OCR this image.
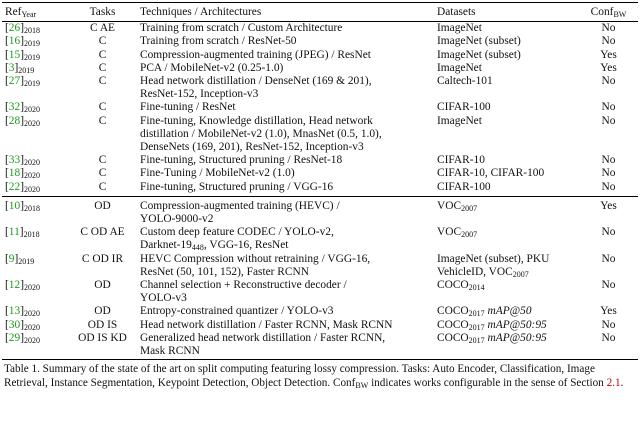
Ref$_{Year}$	Tasks	Techniques / Architectures	Datasets	Conf$_{BW}$
$[26]_{2018}$	C AE	Training from scratch / Custom Architecture	ImageNet	No
$[16]_{2019}$	C	Training from scratch / ResNet-50	ImageNet (subset)	No
$[15]_{2019}$	C	Compression-augmented training (JPEG) / ResNet	ImageNet (subset)	Yes
$[3]_{2019}$	C	PCA / MobileNet-v2 (0.25-1.0)	ImageNet	Yes
$[27]_{2019}$	C	Head network distillation / DenseNet (169 & 201),
ResNet-152, Inception-v3	Caltech-101	No
$[32]_{2020}$	C	Fine-tuning / ResNet	CIFAR-100	No
$[28]_{2020}$	C	Fine-tuning, Knowledge distillation, Head network
distillation / MobileNet-v2 (1.0), MnasNet (0.5, 1.0),
DenseNets (169, 201), ResNet-152, Inception-v3	ImageNet	No
$[33]_{2020}$	C	Fine-tuning, Structured pruning / ResNet-18	CIFAR-10	No
$[18]_{2020}$	C	Fine-Tuning / MobileNet-v2 (1.0)	CIFAR-10, CIFAR-100	No
$[22]_{2020}$	C	Fine-tuning, Structured pruning / VGG-16	CIFAR-100	No
$[10]_{2018}$	OD	Compression-augmented training (HEVC) /
YOLO-9000-v2	$VOC_{2007}$	Yes
$[11]_{2018}$	C OD AE	Custom deep feature CODEC / YOLO-v2,
Darknet-$19_{448}$, VGG-16, ResNet	$VOC_{2007}$	No
$[9]_{2019}$	C OD IR	HEVC Compression without retraining / VGG-16,
ResNet (50, 101, 152), Faster RCNN	ImageNet (subset), PKU
VehicleID, $VOC_{2007}$	No
$[12]_{2020}$	OD	Channel selection + Reconstructive decoder /
YOLO-v3	$COCO_{2014}$	No
$[13]_{2020}$	OD	Entropy-constrained quantizer / YOLO-v3	$COCO_{2017}$ mAP@50	Yes
$[30]_{2020}$	OD IS	Head network distillation / Faster RCNN, Mask RCNN	$COCO_{2017}$ mAP@50:95	No
$[29]_{2020}$	OD IS KD	Generalized head network distillation / Faster RCNN,
Mask RCNN	$COCO_{2017}$ mAP@50:95	No
Table 1. Summary of the state of the art on split computing featuring lossy compression. Tasks: Auto Encoder, Classification, Image
Retrieval, Instance Segmentation, Keypoint Detection, Object Detection. Conf$_{BW}$ indicates works configurable in the sense of Section 2.1.
